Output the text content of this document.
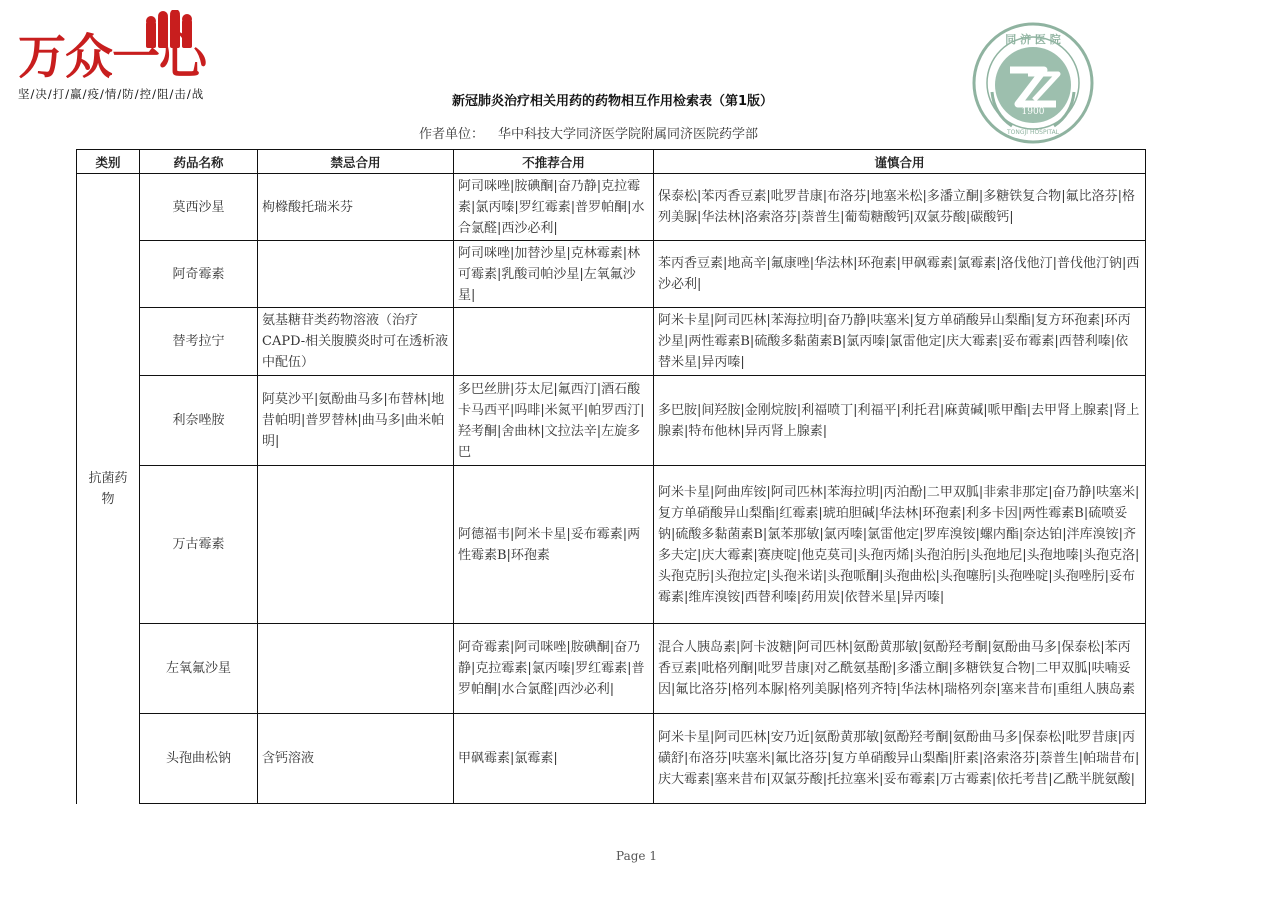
万众一心
坚/决/打/赢/疫/情/防/控/阻/击/战
1900
同 济 医 院
TONGJI HOSPITAL
新冠肺炎治疗相关用药的药物相互作用检索表（第1版）
作者单位： 华中科技大学同济医学院附属同济医院药学部
类别	药品名称	禁忌合用	不推荐合用	谨慎合用
抗菌药物	莫西沙星	枸橼酸托瑞米芬	阿司咪唑|胺碘酮|奋乃静|克拉霉素|氯丙嗪|罗红霉素|普罗帕酮|水合氯醛|西沙必利|	保泰松|苯丙香豆素|吡罗昔康|布洛芬|地塞米松|多潘立酮|多糖铁复合物|氟比洛芬|格列美脲|华法林|洛索洛芬|萘普生|葡萄糖酸钙|双氯芬酸|碳酸钙|
	阿奇霉素		阿司咪唑|加替沙星|克林霉素|林可霉素|乳酸司帕沙星|左氧氟沙星|	苯丙香豆素|地高辛|氟康唑|华法林|环孢素|甲砜霉素|氯霉素|洛伐他汀|普伐他汀钠|西沙必利|
	替考拉宁	氨基糖苷类药物溶液（治疗CAPD-相关腹膜炎时可在透析液中配伍）		阿米卡星|阿司匹林|苯海拉明|奋乃静|呋塞米|复方单硝酸异山梨酯|复方环孢素|环丙沙星|两性霉素B|硫酸多黏菌素B|氯丙嗪|氯雷他定|庆大霉素|妥布霉素|西替利嗪|依替米星|异丙嗪|
	利奈唑胺	阿莫沙平|氨酚曲马多|布替林|地昔帕明|普罗替林|曲马多|曲米帕明|	多巴丝肼|芬太尼|氟西汀|酒石酸卡马西平|吗啡|米氮平|帕罗西汀|羟考酮|舍曲林|文拉法辛|左旋多巴	多巴胺|间羟胺|金刚烷胺|利福喷丁|利福平|利托君|麻黄碱|哌甲酯|去甲肾上腺素|肾上腺素|特布他林|异丙肾上腺素|
	万古霉素		阿德福韦|阿米卡星|妥布霉素|两性霉素B|环孢素	阿米卡星|阿曲库铵|阿司匹林|苯海拉明|丙泊酚|二甲双胍|非索非那定|奋乃静|呋塞米|复方单硝酸异山梨酯|红霉素|琥珀胆碱|华法林|环孢素|利多卡因|两性霉素B|硫喷妥钠|硫酸多黏菌素B|氯苯那敏|氯丙嗪|氯雷他定|罗库溴铵|螺内酯|奈达铂|泮库溴铵|齐多夫定|庆大霉素|赛庚啶|他克莫司|头孢丙烯|头孢泊肟|头孢地尼|头孢地嗪|头孢克洛|头孢克肟|头孢拉定|头孢米诺|头孢哌酮|头孢曲松|头孢噻肟|头孢唑啶|头孢唑肟|妥布霉素|维库溴铵|西替利嗪|药用炭|依替米星|异丙嗪|
	左氧氟沙星		阿奇霉素|阿司咪唑|胺碘酮|奋乃静|克拉霉素|氯丙嗪|罗红霉素|普罗帕酮|水合氯醛|西沙必利|	混合人胰岛素|阿卡波糖|阿司匹林|氨酚黄那敏|氨酚羟考酮|氨酚曲马多|保泰松|苯丙香豆素|吡格列酮|吡罗昔康|对乙酰氨基酚|多潘立酮|多糖铁复合物|二甲双胍|呋喃妥因|氟比洛芬|格列本脲|格列美脲|格列齐特|华法林|瑞格列奈|塞来昔布|重组人胰岛素
	头孢曲松钠	含钙溶液	甲砜霉素|氯霉素|	阿米卡星|阿司匹林|安乃近|氨酚黄那敏|氨酚羟考酮|氨酚曲马多|保泰松|吡罗昔康|丙磺舒|布洛芬|呋塞米|氟比洛芬|复方单硝酸异山梨酯|肝素|洛索洛芬|萘普生|帕瑞昔布|庆大霉素|塞来昔布|双氯芬酸|托拉塞米|妥布霉素|万古霉素|依托考昔|乙酰半胱氨酸|
Page 1
